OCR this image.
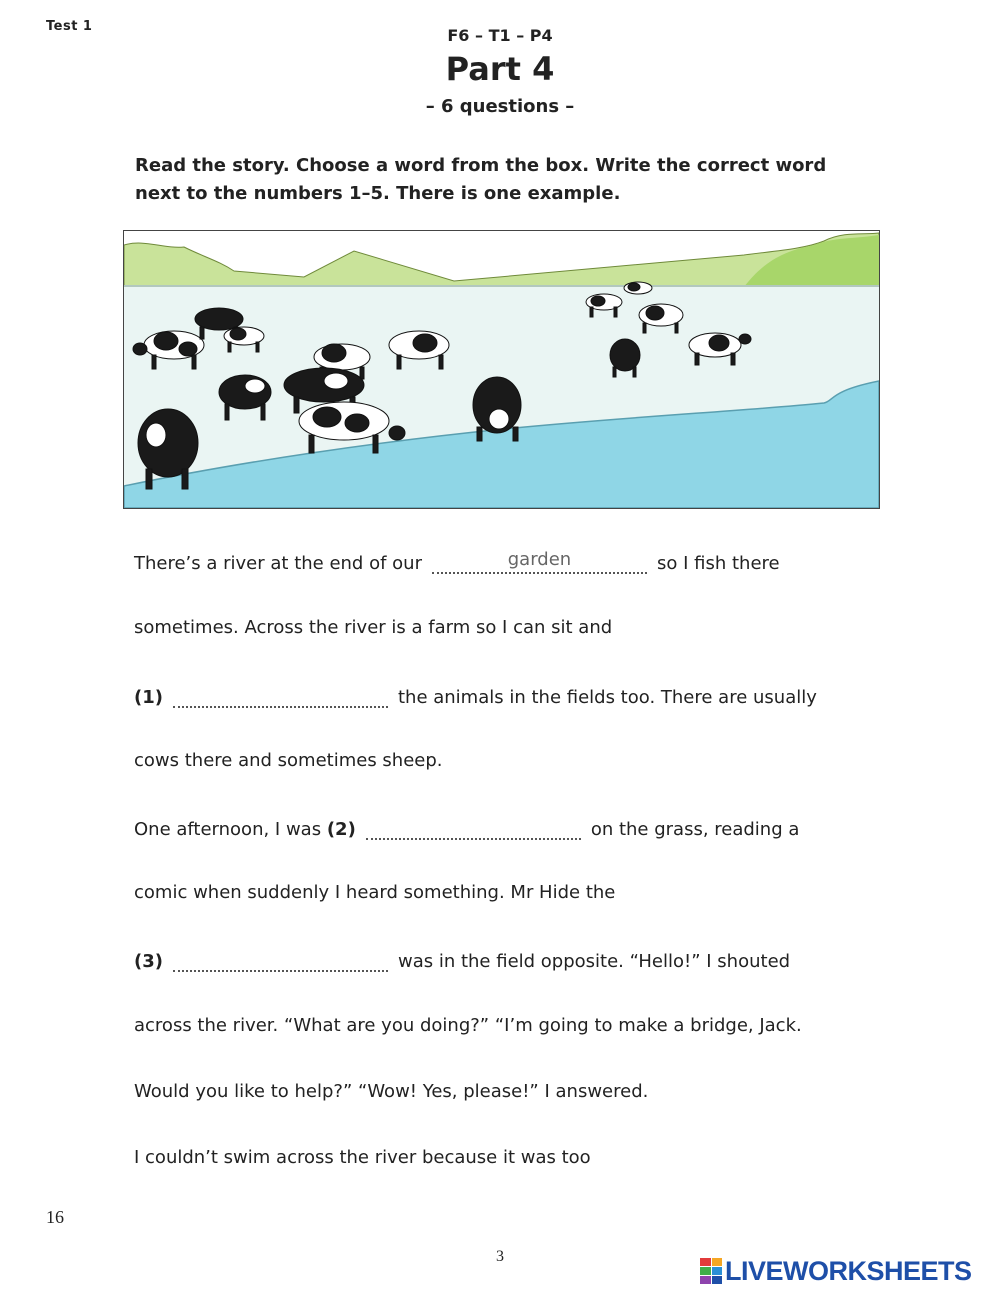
Test 1	F6 – T1 – P4
Part 4
– 6 questions –
Read the story. Choose a word from the box. Write the correct word next to the numbers 1–5. There is one example.
There’s a river at the end of our	garden	so I fish there
sometimes. Across the river is a farm so I can sit and
(1)	the animals in the fields too. There are usually
cows there and sometimes sheep.
One afternoon, I was (2)	on the grass, reading a
comic when suddenly I heard something. Mr Hide the
(3)	was in the field opposite. “Hello!” I shouted
across the river. “What are you doing?” “I’m going to make a bridge, Jack.
Would you like to help?” “Wow! Yes, please!” I answered.
I couldn’t swim across the river because it was too
16
3	LIVEWORKSHEETS
